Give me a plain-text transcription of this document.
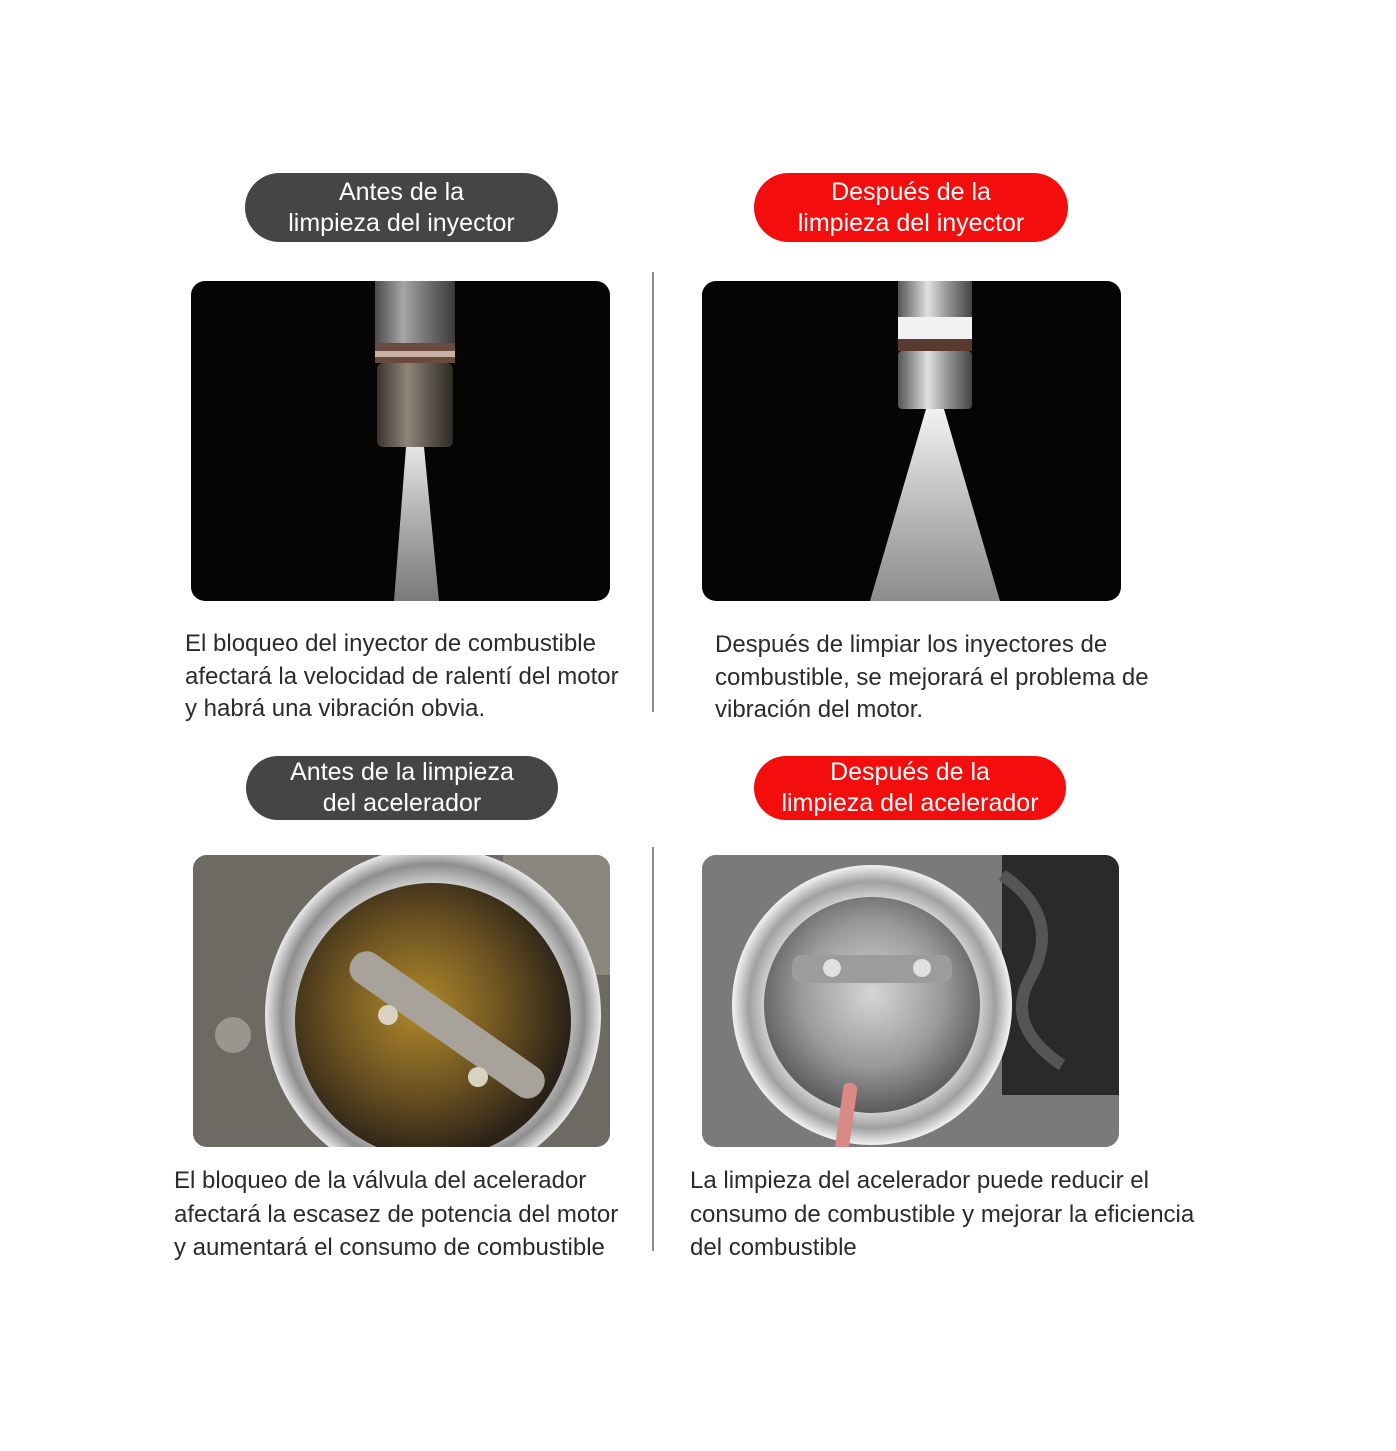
Antes de la
limpieza del inyector
Después de la
limpieza del inyector
El bloqueo del inyector de combustible
afectará la velocidad de ralentí del motor
y habrá una vibración obvia.
Después de limpiar los inyectores de
combustible, se mejorará el problema de
vibración del motor.
Antes de la limpieza
del acelerador
Después de la
limpieza del acelerador
El bloqueo de la válvula del acelerador
afectará la escasez de potencia del motor
y aumentará el consumo de combustible
La limpieza del acelerador puede reducir el
consumo de combustible y mejorar la eficiencia
del combustible
